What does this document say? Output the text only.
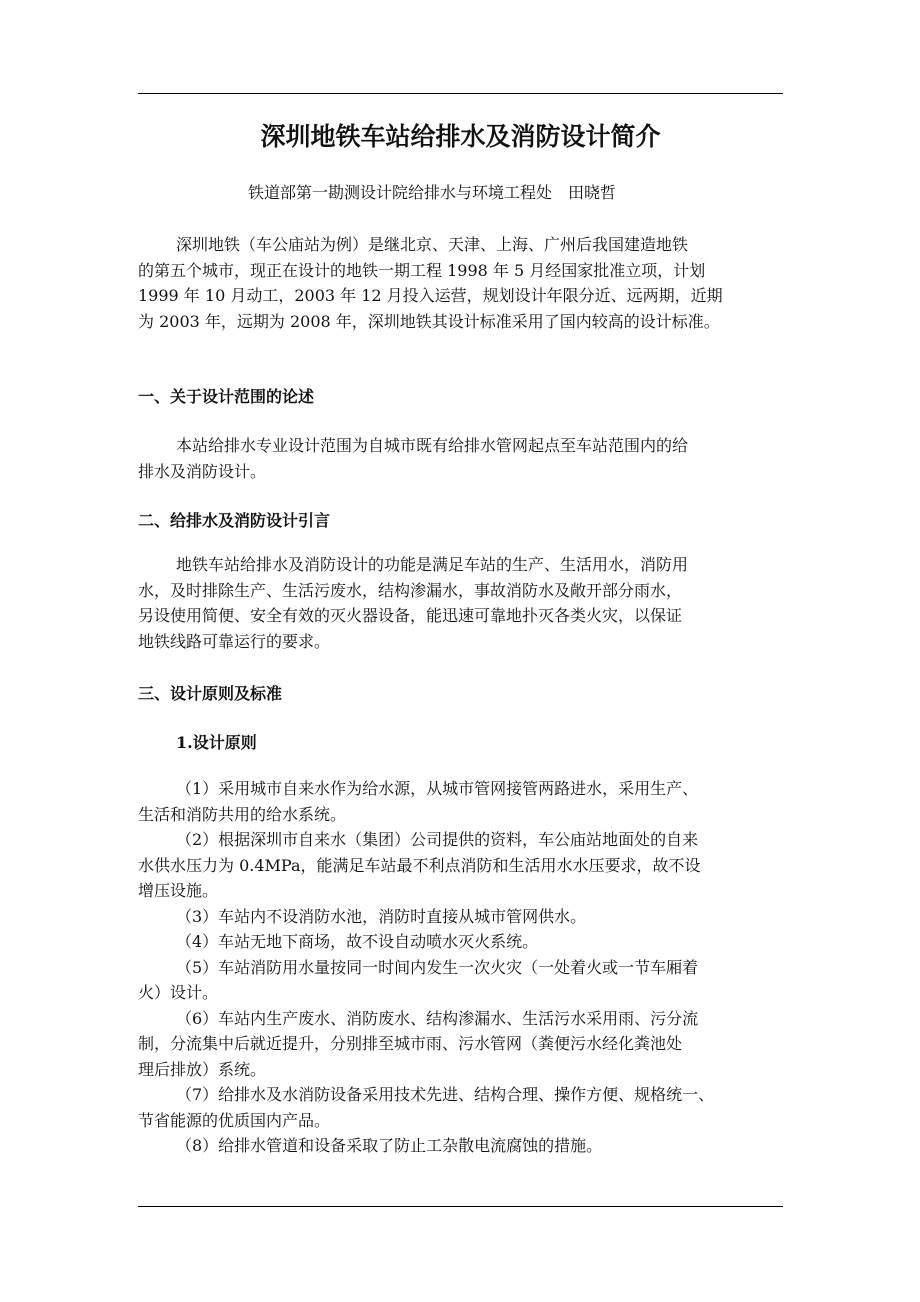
深圳地铁车站给排水及消防设计简介
铁道部第一勘测设计院给排水与环境工程处 田晓哲

深圳地铁（车公庙站为例）是继北京、天津、上海、广州后我国建造地铁
的第五个城市，现正在设计的地铁一期工程 1998 年 5 月经国家批准立项，计划
1999 年 10 月动工，2003 年 12 月投入运营，规划设计年限分近、远两期，近期
为 2003 年，远期为 2008 年，深圳地铁其设计标准采用了国内较高的设计标准。

一、关于设计范围的论述

本站给排水专业设计范围为自城市既有给排水管网起点至车站范围内的给
排水及消防设计。

二、给排水及消防设计引言

地铁车站给排水及消防设计的功能是满足车站的生产、生活用水，消防用
水，及时排除生产、生活污废水，结构渗漏水，事故消防水及敞开部分雨水，
另设使用简便、安全有效的灭火器设备，能迅速可靠地扑灭各类火灾，以保证
地铁线路可靠运行的要求。

三、设计原则及标准
1.设计原则
（1）采用城市自来水作为给水源，从城市管网接管两路进水，采用生产、
生活和消防共用的给水系统。
（2）根据深圳市自来水（集团）公司提供的资料，车公庙站地面处的自来
水供水压力为 0.4MPa，能满足车站最不利点消防和生活用水水压要求，故不设
增压设施。
（3）车站内不设消防水池，消防时直接从城市管网供水。
（4）车站无地下商场，故不设自动喷水灭火系统。
（5）车站消防用水量按同一时间内发生一次火灾（一处着火或一节车厢着
火）设计。
（6）车站内生产废水、消防废水、结构渗漏水、生活污水采用雨、污分流
制，分流集中后就近提升，分别排至城市雨、污水管网（粪便污水经化粪池处
理后排放）系统。
（7）给排水及水消防设备采用技术先进、结构合理、操作方便、规格统一、
节省能源的优质国内产品。
（8）给排水管道和设备采取了防止工杂散电流腐蚀的措施。
